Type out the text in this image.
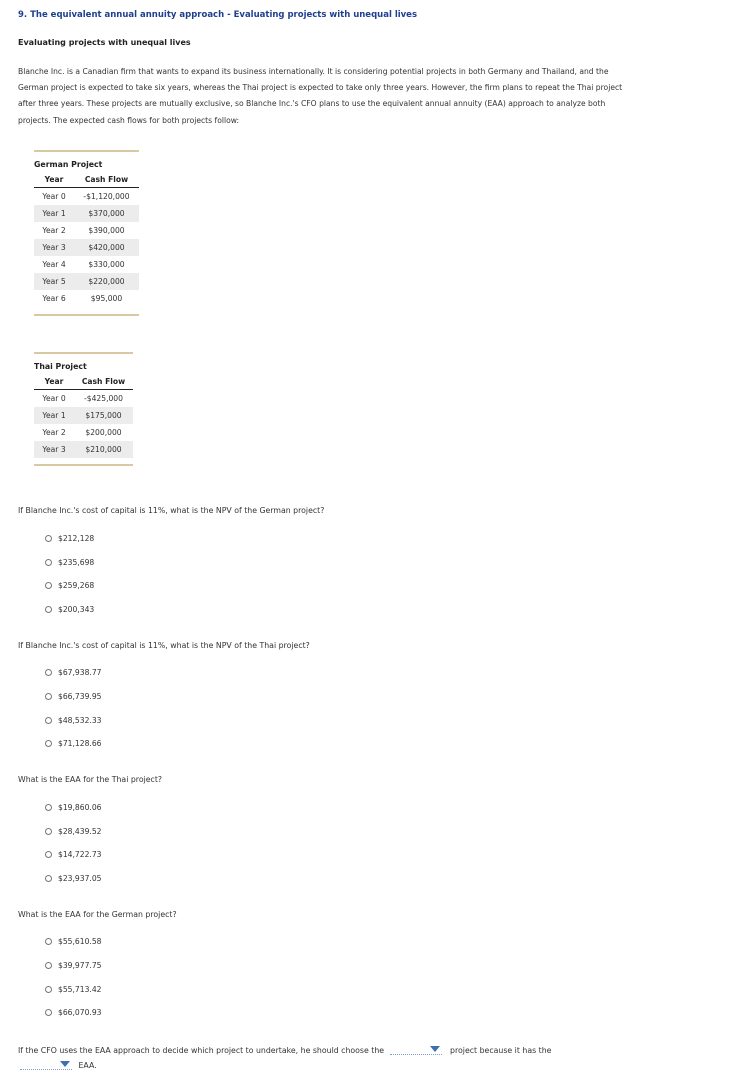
9. The equivalent annual annuity approach - Evaluating projects with unequal lives
Evaluating projects with unequal lives
Blanche Inc. is a Canadian firm that wants to expand its business internationally. It is considering potential projects in both Germany and Thailand, and the German project is expected to take six years, whereas the Thai project is expected to take only three years. However, the firm plans to repeat the Thai project after three years. These projects are mutually exclusive, so Blanche Inc.'s CFO plans to use the equivalent annual annuity (EAA) approach to analyze both projects. The expected cash flows for both projects follow:
German Project
Year	Cash Flow
Year 0	-$1,120,000
Year 1	$370,000
Year 2	$390,000
Year 3	$420,000
Year 4	$330,000
Year 5	$220,000
Year 6	$95,000
Thai Project
Year	Cash Flow
Year 0	-$425,000
Year 1	$175,000
Year 2	$200,000
Year 3	$210,000
If Blanche Inc.'s cost of capital is 11%, what is the NPV of the German project?
$212,128
$235,698
$259,268
$200,343
If Blanche Inc.'s cost of capital is 11%, what is the NPV of the Thai project?
$67,938.77
$66,739.95
$48,532.33
$71,128.66
What is the EAA for the Thai project?
$19,860.06
$28,439.52
$14,722.73
$23,937.05
What is the EAA for the German project?
$55,610.58
$39,977.75
$55,713.42
$66,070.93
If the CFO uses the EAA approach to decide which project to undertake, he should choose the	project because it has the
EAA.
